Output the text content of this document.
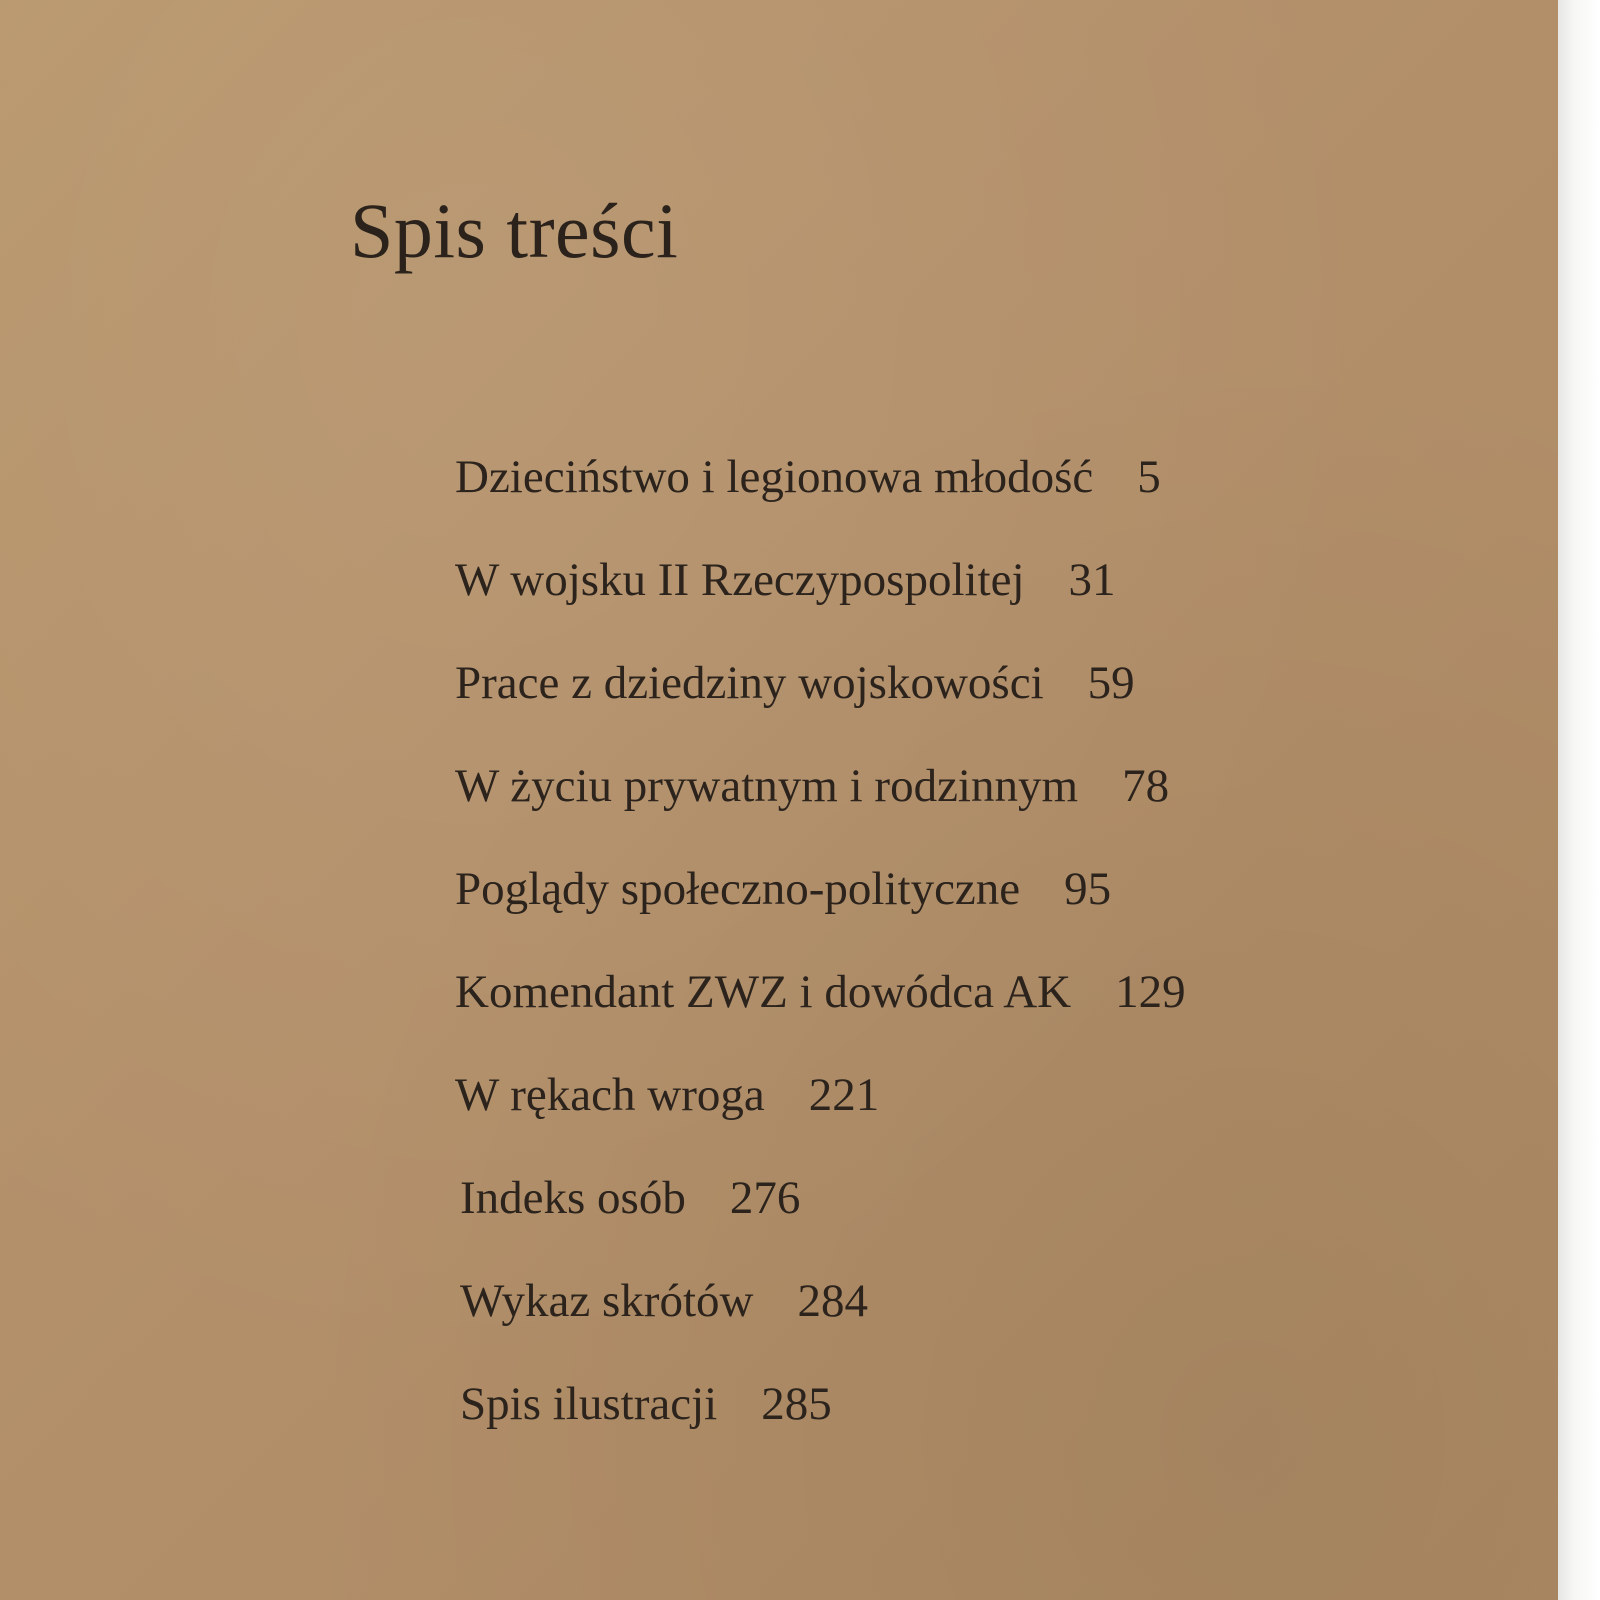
Spis treści
Dzieciństwo i legionowa młodość 5
W wojsku II Rzeczypospolitej 31
Prace z dziedziny wojskowości 59
W życiu prywatnym i rodzinnym 78
Poglądy społeczno-polityczne 95
Komendant ZWZ i dowódca AK 129
W rękach wroga 221
Indeks osób 276
Wykaz skrótów 284
Spis ilustracji 285
